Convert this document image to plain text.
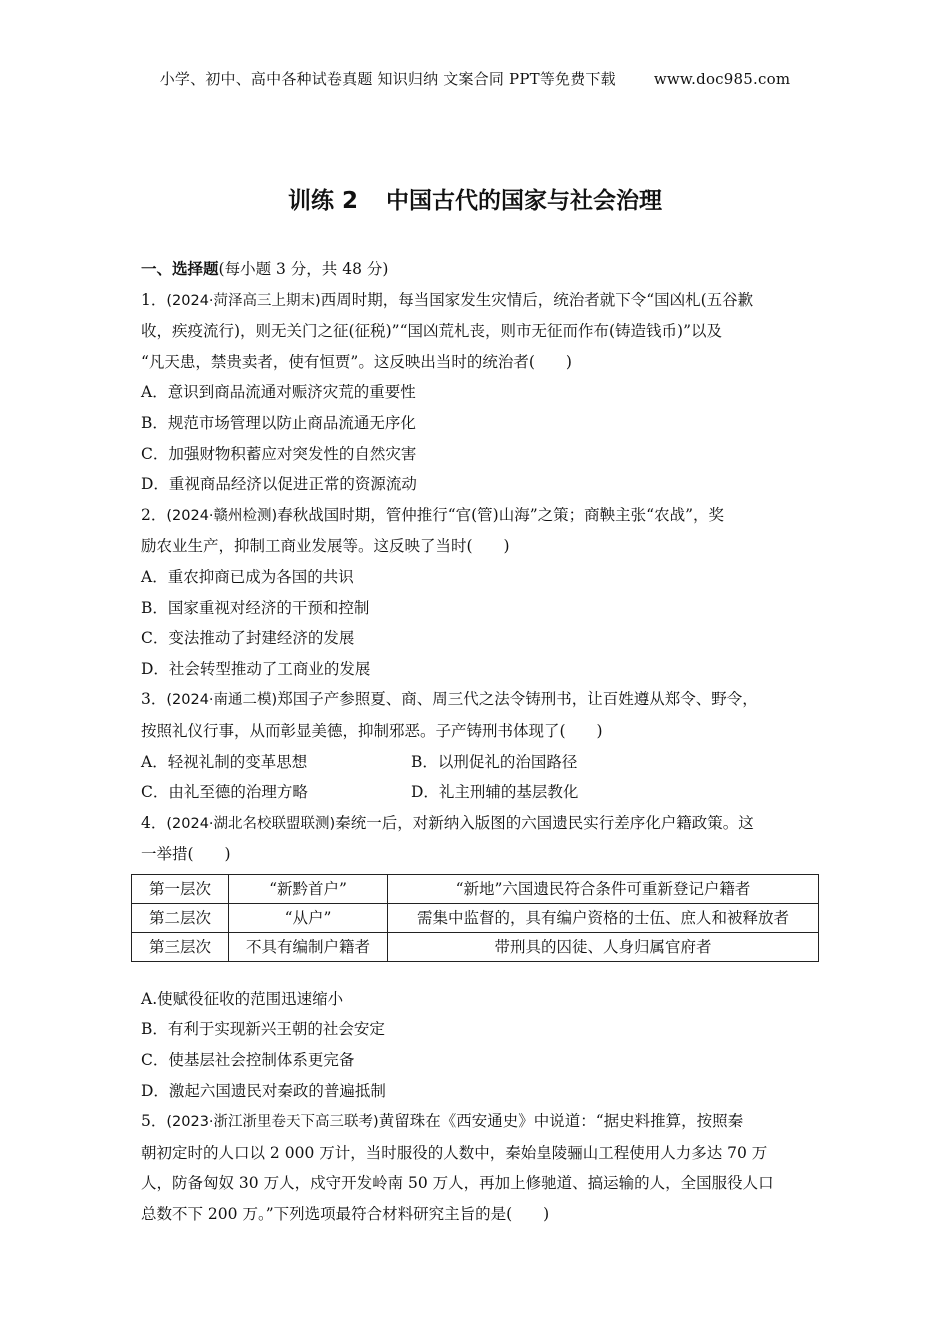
小学、初中、高中各种试卷真题 知识归纳 文案合同 PPT等免费下载	www.doc985.com
训练 2 中国古代的国家与社会治理
一、选择题(每小题 3 分，共 48 分)
1．(2024·菏泽高三上期末)西周时期，每当国家发生灾情后，统治者就下令“国凶札(五谷歉
收，疾疫流行)，则无关门之征(征税)”“国凶荒札丧，则市无征而作布(铸造钱币)”以及
“凡天患，禁贵卖者，使有恒贾”。这反映出当时的统治者(　　)
A．意识到商品流通对赈济灾荒的重要性
B．规范市场管理以防止商品流通无序化
C．加强财物积蓄应对突发性的自然灾害
D．重视商品经济以促进正常的资源流动
2．(2024·赣州检测)春秋战国时期，管仲推行“官(管)山海”之策；商鞅主张“农战”，奖
励农业生产，抑制工商业发展等。这反映了当时(　　)
A．重农抑商已成为各国的共识
B．国家重视对经济的干预和控制
C．变法推动了封建经济的发展
D．社会转型推动了工商业的发展
3．(2024·南通二模)郑国子产参照夏、商、周三代之法令铸刑书，让百姓遵从郑令、野令，
按照礼仪行事，从而彰显美德，抑制邪恶。子产铸刑书体现了(　　)
A．轻视礼制的变革思想	B．以刑促礼的治国路径
C．由礼至德的治理方略	D．礼主刑辅的基层教化
4．(2024·湖北名校联盟联测)秦统一后，对新纳入版图的六国遗民实行差序化户籍政策。这
一举措(　　)
第一层次	“新黔首户”	“新地”六国遗民符合条件可重新登记户籍者
第二层次	“从户”	需集中监督的，具有编户资格的士伍、庶人和被释放者
第三层次	不具有编制户籍者	带刑具的囚徒、人身归属官府者
A.使赋役征收的范围迅速缩小
B．有利于实现新兴王朝的社会安定
C．使基层社会控制体系更完备
D．激起六国遗民对秦政的普遍抵制
5．(2023·浙江浙里卷天下高三联考)黄留珠在《西安通史》中说道：“据史料推算，按照秦
朝初定时的人口以 2 000 万计，当时服役的人数中，秦始皇陵骊山工程使用人力多达 70 万
人，防备匈奴 30 万人，戍守开发岭南 50 万人，再加上修驰道、搞运输的人，全国服役人口
总数不下 200 万。”下列选项最符合材料研究主旨的是(　　)
